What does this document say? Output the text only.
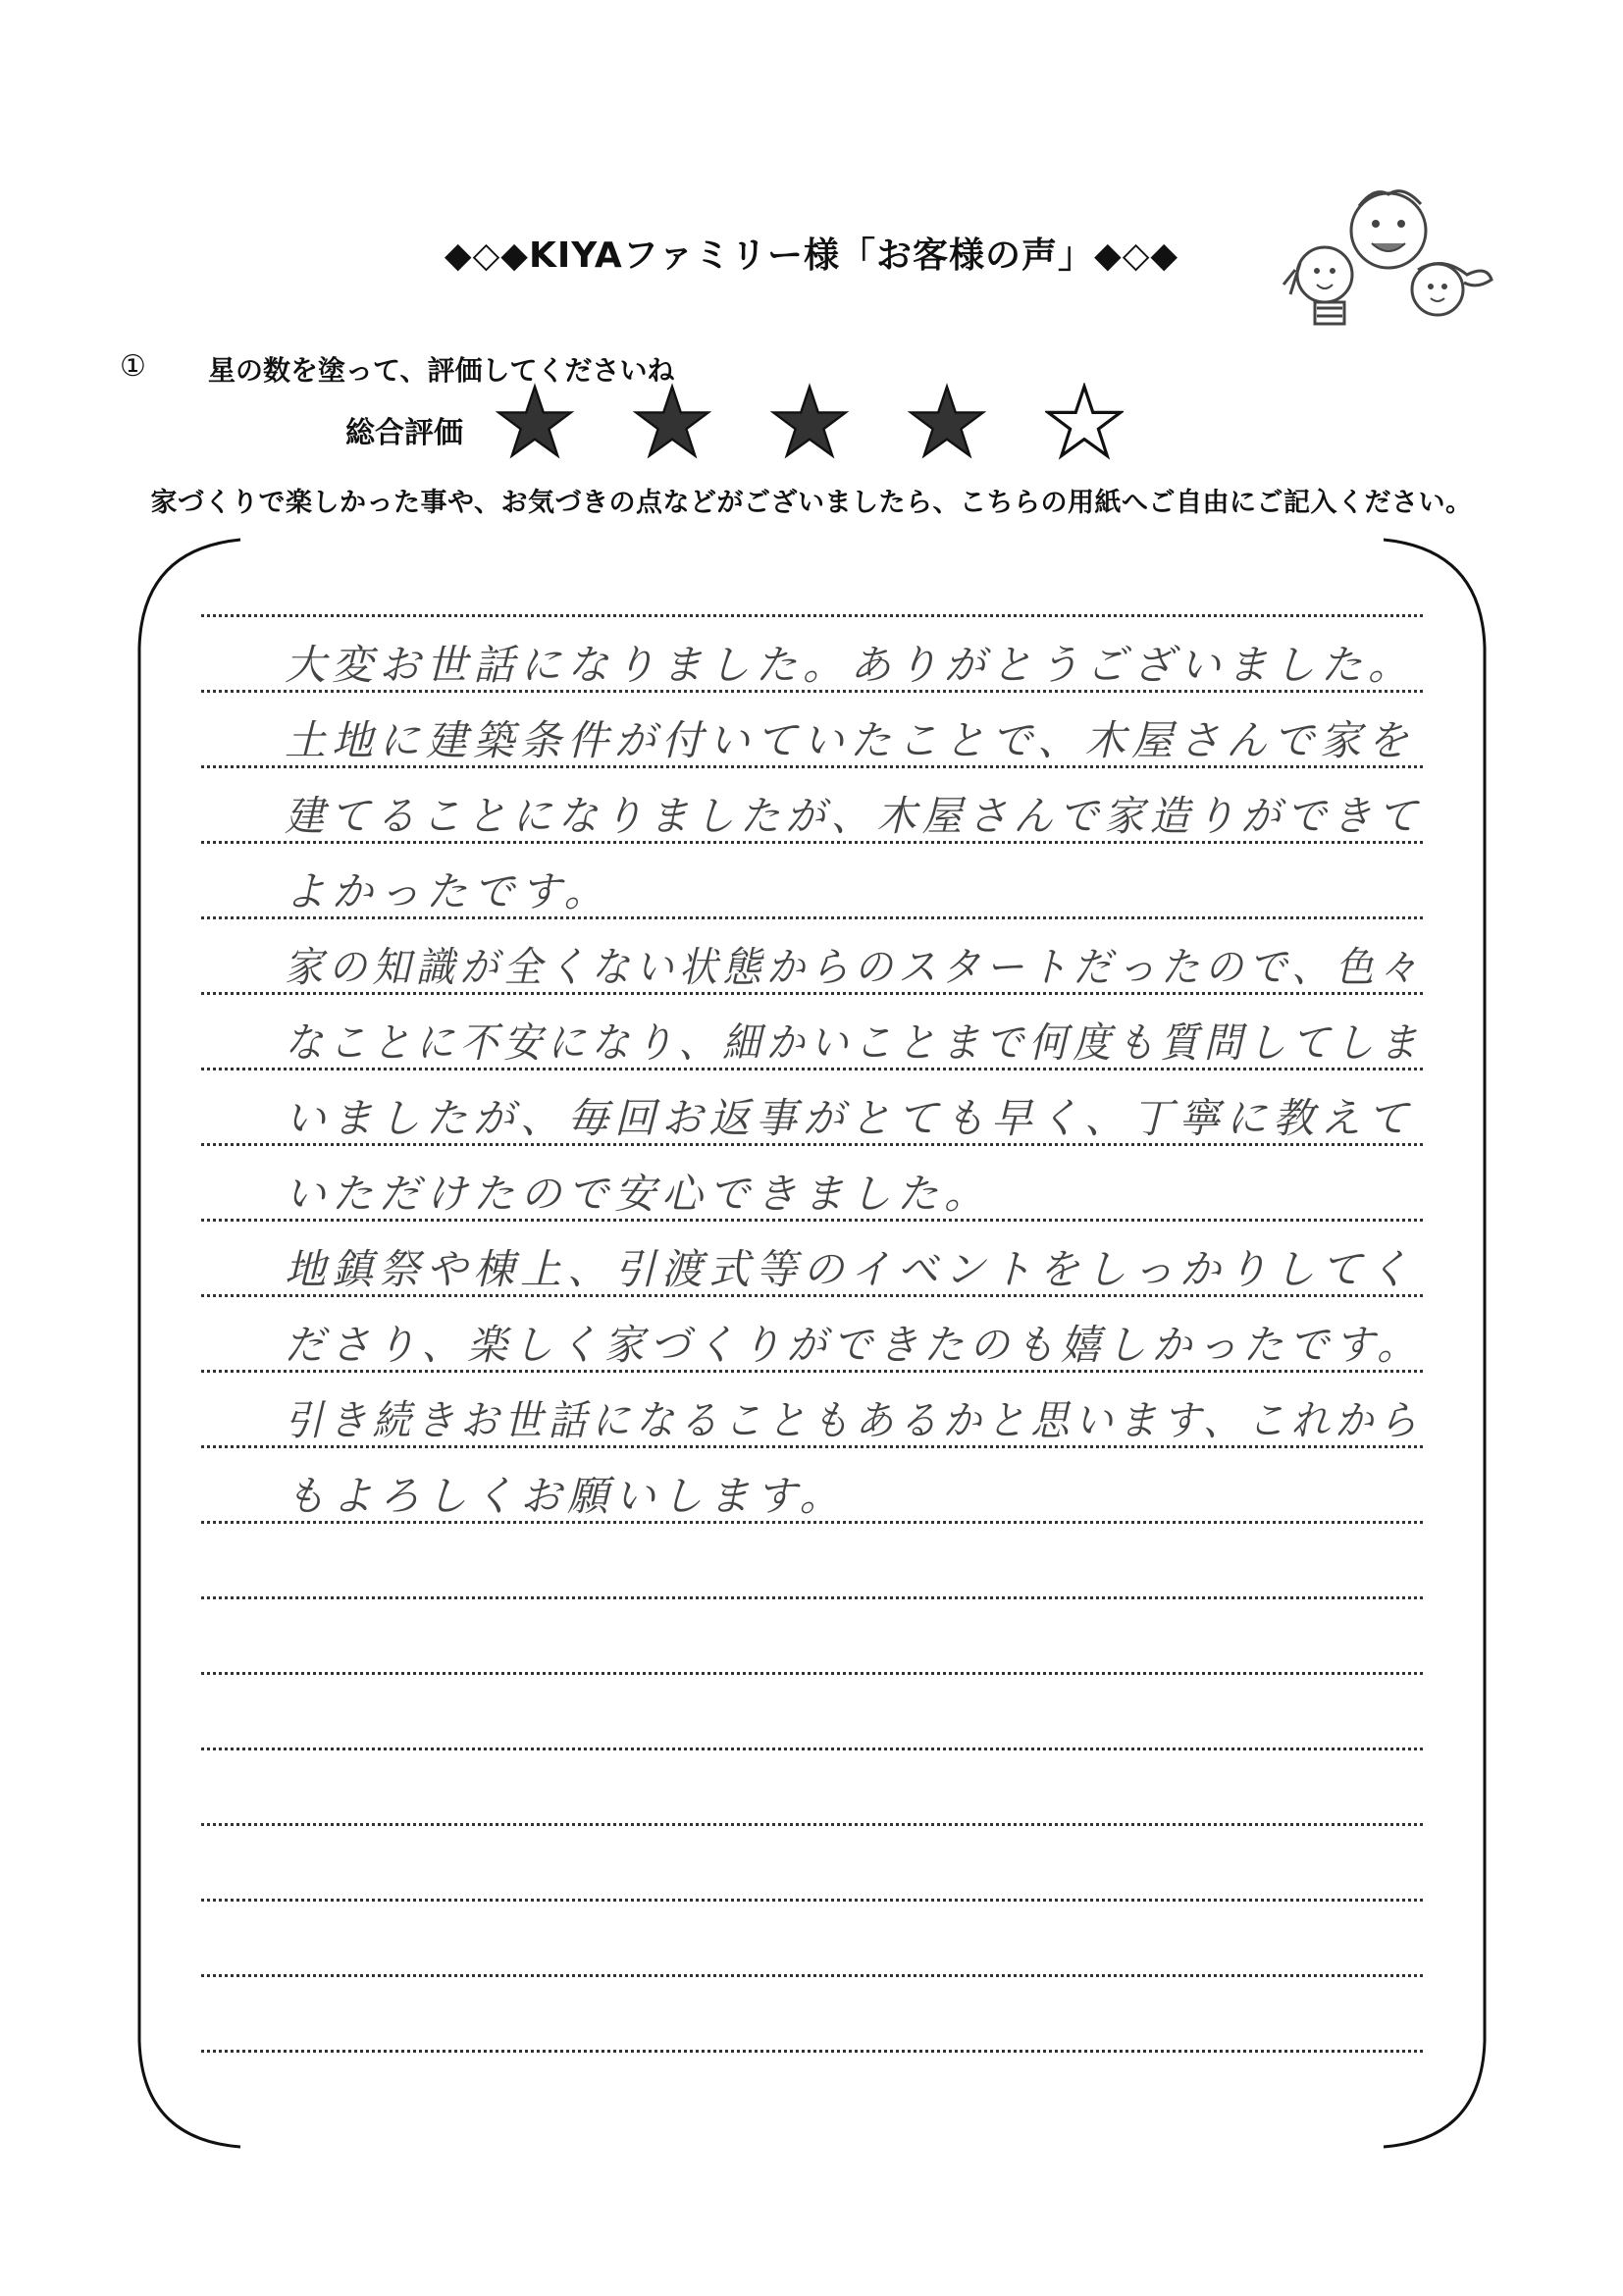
◆◇◆KIYAファミリー様「お客様の声」◆◇◆
① 星の数を塗って、評価してくださいね
総合評価
家づくりで楽しかった事や、お気づきの点などがございましたら、こちらの用紙へご自由にご記入ください。
大変お世話になりました。ありがとうございました。
土地に建築条件が付いていたことで、木屋さんで家を
建てることになりましたが、木屋さんで家造りができて
よかったです。
家の知識が全くない状態からのスタートだったので、色々
なことに不安になり、細かいことまで何度も質問してしま
いましたが、毎回お返事がとても早く、丁寧に教えて
いただけたので安心できました。
地鎮祭や棟上、引渡式等のイベントをしっかりしてく
ださり、楽しく家づくりができたのも嬉しかったです。
引き続きお世話になることもあるかと思います、これから
もよろしくお願いします。
